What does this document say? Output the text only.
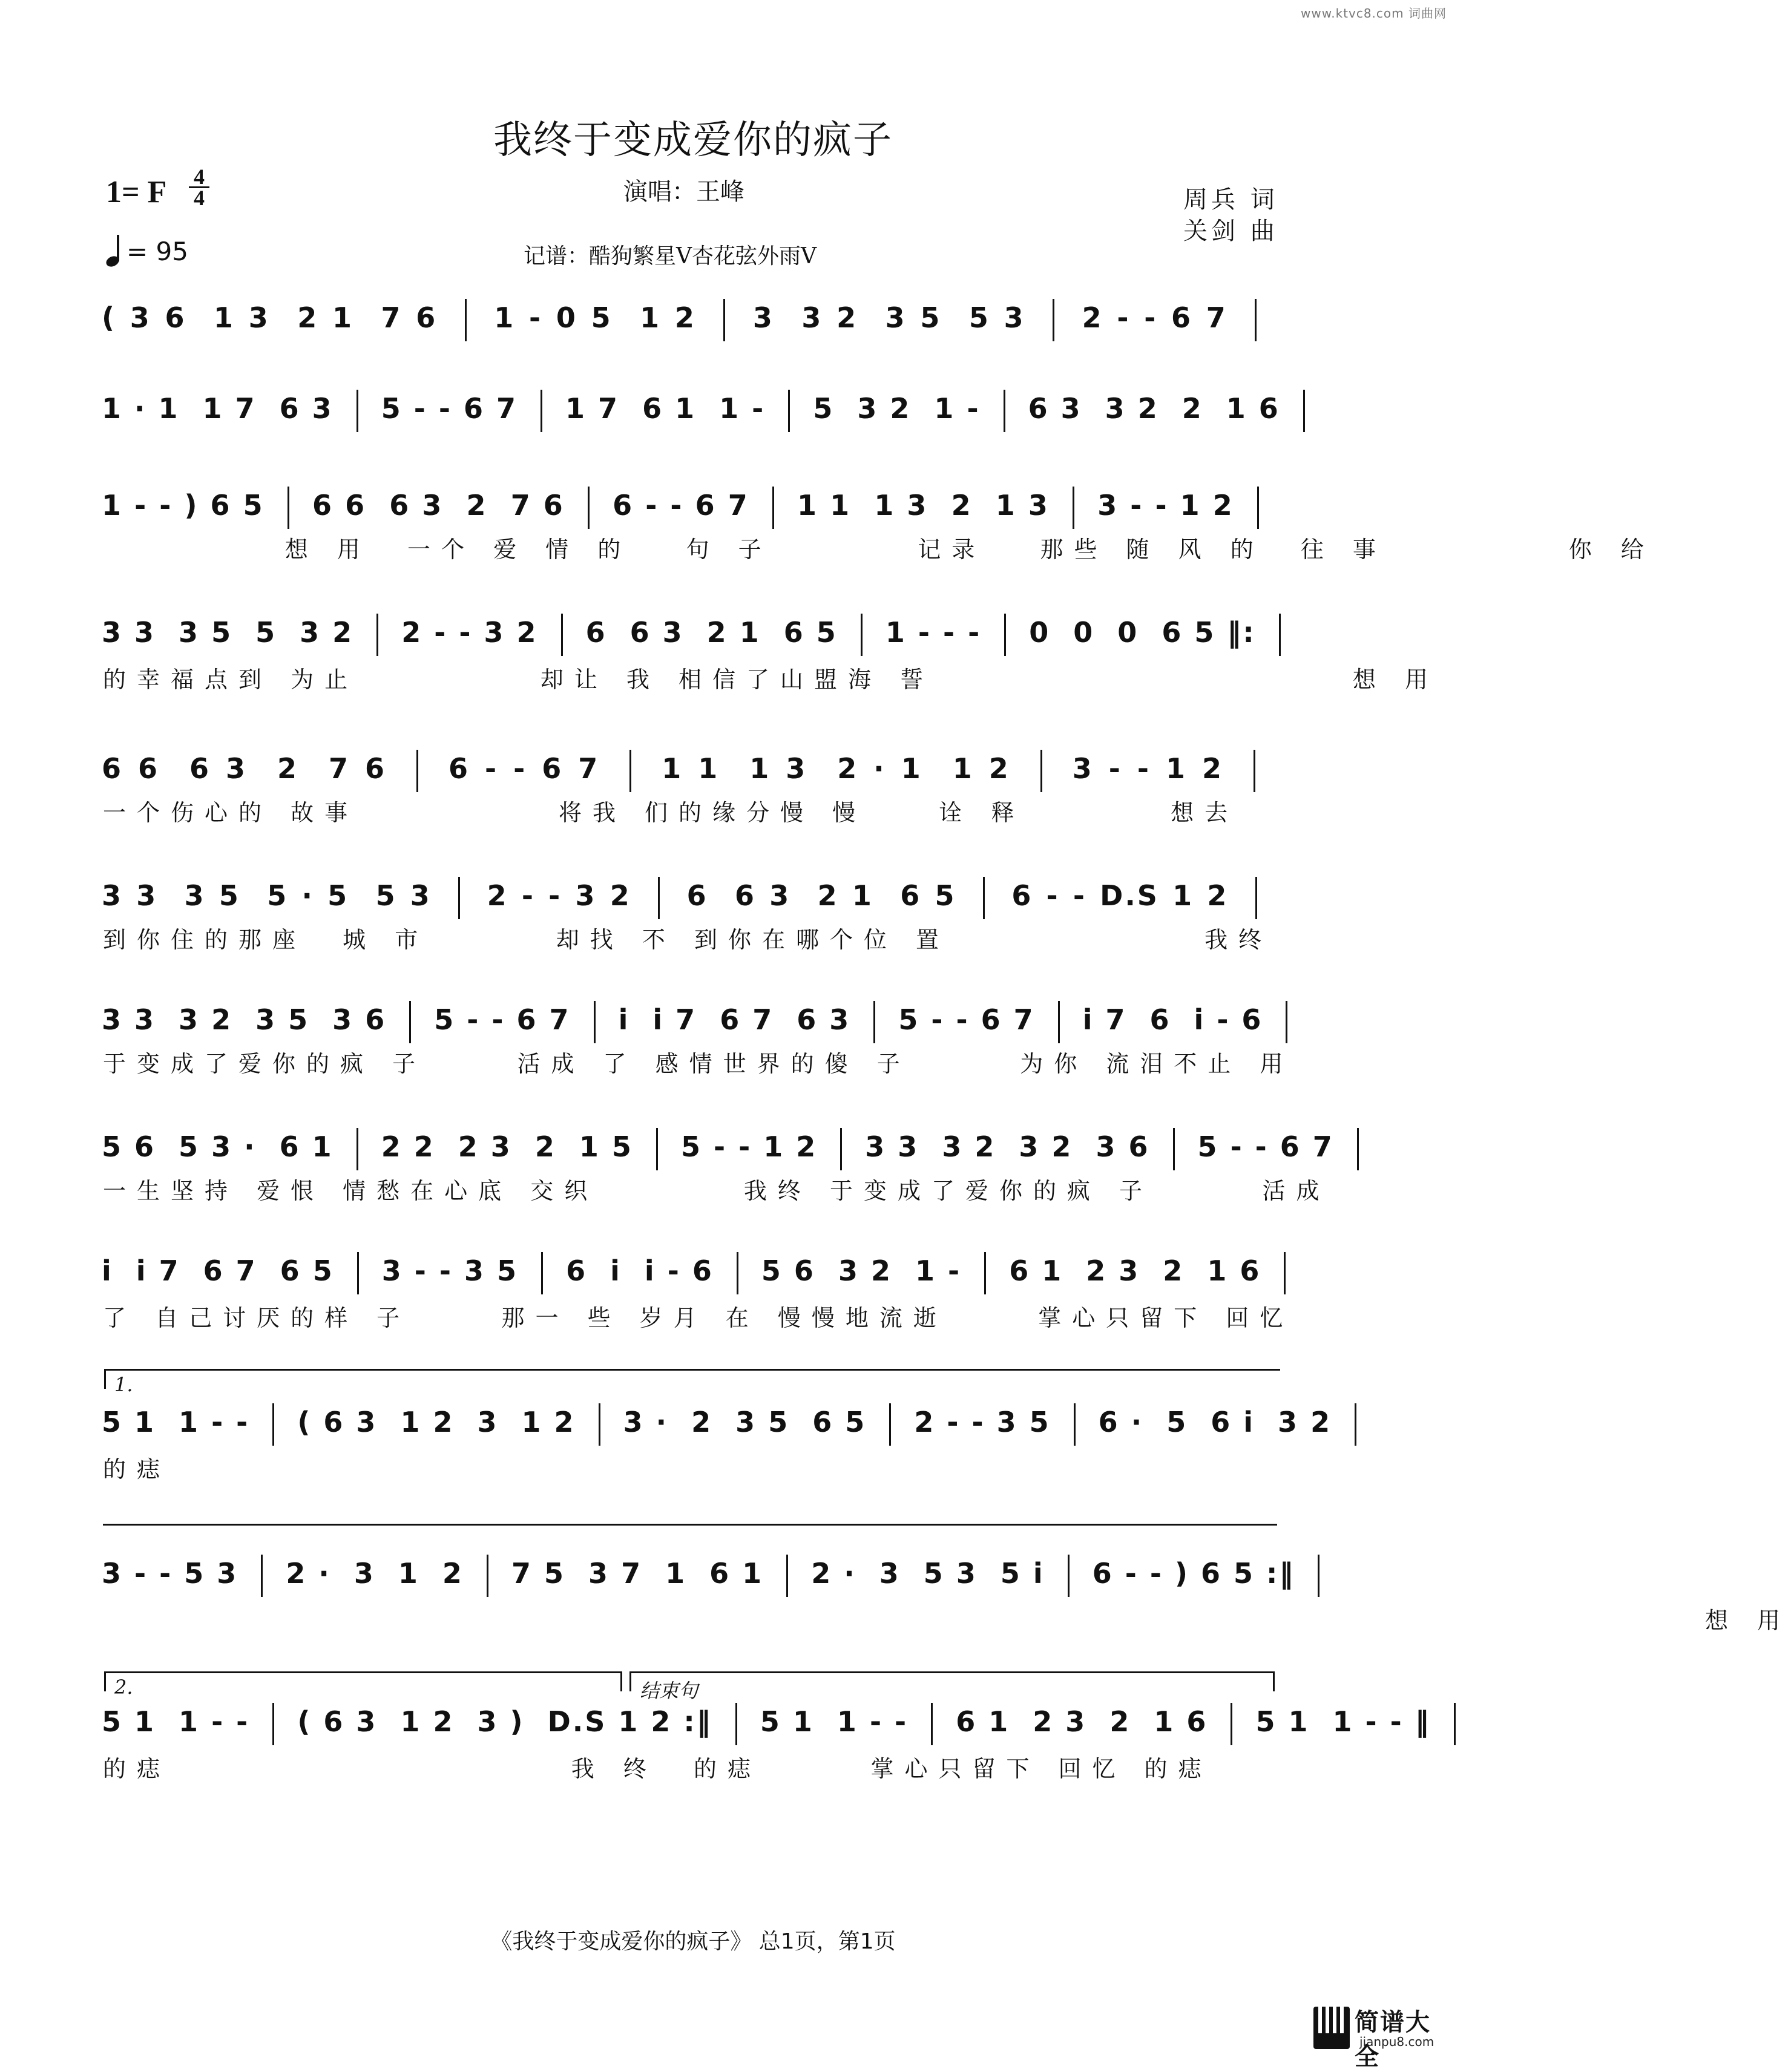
www.ktvc8.com 词曲网
我终于变成爱你的疯子
1= F 4
4
= 95
演唱：王峰	周兵 词
关剑 曲
记谱：酷狗繁星V杏花弦外雨V
( 3 6  1 3  2 1  7 6 1 - 0 5  1 2 3  3 2  3 5  5 3 2 - - 6 7
1 · 1  1 7  6 3 5 - - 6 7 1 7  6 1  1 - 5  3 2  1 - 6 3  3 2  2  1 6
1 - - ) 6 5 6 6  6 3  2  7 6 6 - - 6 7 1 1  1 3  2  1 3 3 - - 1 2
想 用  一个 爱 情 的   句 子        记录   那些 随 风 的  往 事          你 给
3 3  3 5  5  3 2 2 - - 3 2 6  6 3  2 1  6 5 1 - - - 0  0  0  6 5 ‖:
的幸福点到 为止          却让 我 相信了山盟海 誓                       想 用
6 6  6 3  2  7 6 6 - - 6 7 1 1  1 3  2 · 1  1 2 3 - - 1 2
一个伤心的 故事           将我 们的缘分慢 慢    诠 释        想去
3 3  3 5  5 · 5  5 3 2 - - 3 2 6  6 3  2 1  6 5 6 - - D.S 1 2
到你住的那座  城 市       却找 不 到你在哪个位 置              我终
3 3  3 2  3 5  3 6 5 - - 6 7 i  i 7  6 7  6 3 5 - - 6 7 i 7  6  i - 6
于变成了爱你的疯 子     活成 了 感情世界的傻 子      为你 流泪不止 用
5 6  5 3 ·  6 1 2 2  2 3  2  1 5 5 - - 1 2 3 3  3 2  3 2  3 6 5 - - 6 7
一生坚持 爱恨 情愁在心底 交织        我终 于变成了爱你的疯 子      活成
i  i 7  6 7  6 5 3 - - 3 5 6  i  i - 6 5 6  3 2  1 - 6 1  2 3  2  1 6
了 自己讨厌的样 子     那一 些 岁月 在 慢慢地流逝     掌心只留下 回忆
5 1  1 - - ( 6 3  1 2  3  1 2 3 ·  2  3 5  6 5 2 - - 3 5 6 ·  5  6 i  3 2
的痣
3 - - 5 3 2 ·  3  1  2 7 5  3 7  1  6 1 2 ·  3  5 3  5 i 6 - - ) 6 5 :‖
想 用
5 1  1 - - ( 6 3  1 2  3 )  D.S 1 2 :‖ 5 1  1 - - 6 1  2 3  2  1 6 5 1  1 - - ‖
的痣                      我 终  的痣      掌心只留下 回忆 的痣
1.
2.	结束句
《我终于变成爱你的疯子》 总1页，第1页
简谱大全
jianpu8.com
